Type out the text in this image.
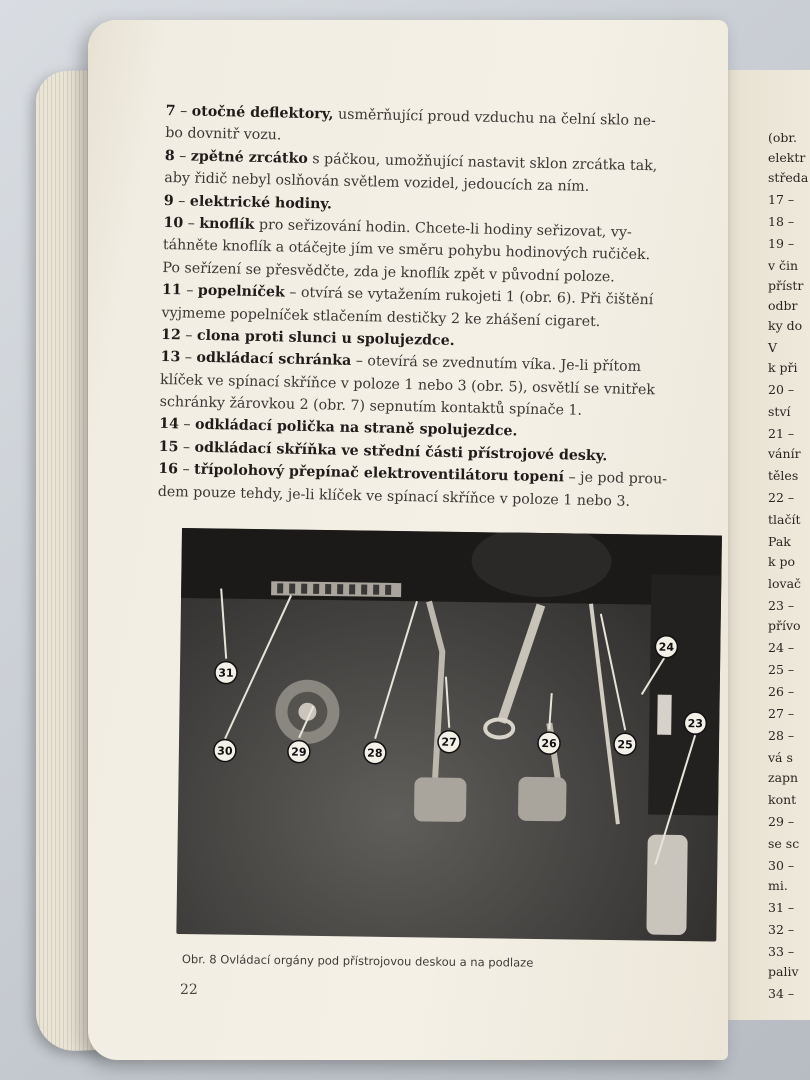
(obr.
elektr
středa
17 –
18 –
19 –
v čin
přístr
odbr
ky do
V
k při
20 –
ství
21 –
vánír
těles
22 –
tlačít
Pak
k po
lovač
23 –
přívo
24 –
25 –
26 –
27 –
28 –
vá s
zapn
kont
29 –
se sc
30 –
mi.
31 –
32 –
33 –
paliv
34 –
7 – otočné deflektory, usměrňující proud vzduchu na čelní sklo ne-
bo dovnitř vozu.
8 – zpětné zrcátko s páčkou, umožňující nastavit sklon zrcátka tak,
aby řidič nebyl oslňován světlem vozidel, jedoucích za ním.
9 – elektrické hodiny.
10 – knoflík pro seřizování hodin. Chcete-li hodiny seřizovat, vy-
táhněte knoflík a otáčejte jím ve směru pohybu hodinových ručiček.
Po seřízení se přesvědčte, zda je knoflík zpět v původní poloze.
11 – popelníček – otvírá se vytažením rukojeti 1 (obr. 6). Při čištění
vyjmeme popelníček stlačením destičky 2 ke zhášení cigaret.
12 – clona proti slunci u spolujezdce.
13 – odkládací schránka – otevírá se zvednutím víka. Je-li přítom
klíček ve spínací skříňce v poloze 1 nebo 3 (obr. 5), osvětlí se vnitřek
schránky žárovkou 2 (obr. 7) sepnutím kontaktů spínače 1.
14 – odkládací polička na straně spolujezdce.
15 – odkládací skříňka ve střední části přístrojové desky.
16 – třípolohový přepínač elektroventilátoru topení – je pod prou-
dem pouze tehdy, je-li klíček ve spínací skříňce v poloze 1 nebo 3.
31
30	29	28
27	26	25
24
23
Obr. 8 Ovládací orgány pod přístrojovou deskou a na podlaze
22
